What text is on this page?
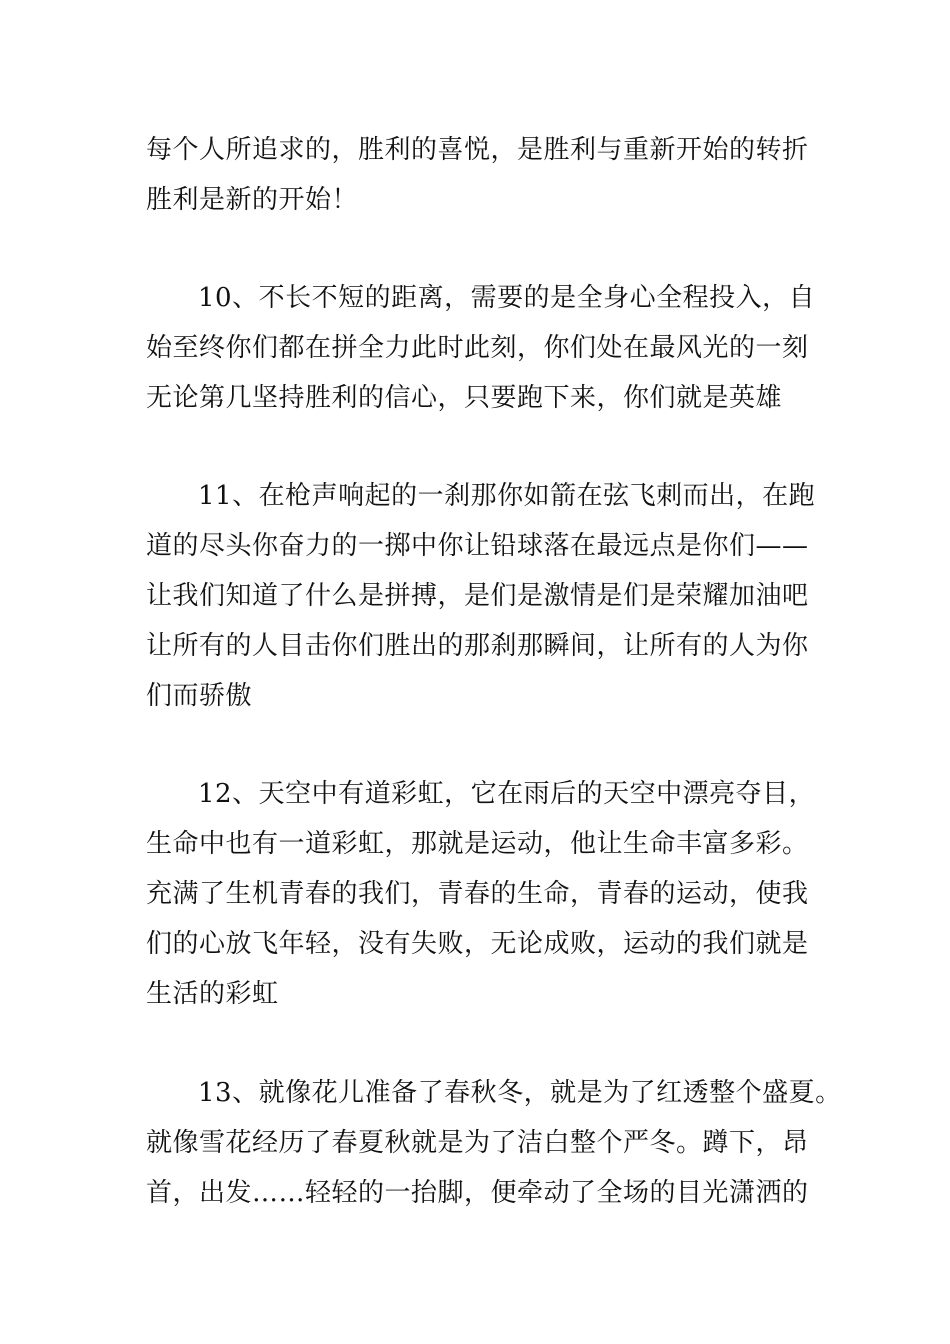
每个人所追求的，胜利的喜悦，是胜利与重新开始的转折
胜利是新的开始！
10、不长不短的距离，需要的是全身心全程投入，自
始至终你们都在拼全力此时此刻，你们处在最风光的一刻
无论第几坚持胜利的信心，只要跑下来，你们就是英雄
11、在枪声响起的一刹那你如箭在弦飞刺而出，在跑
道的尽头你奋力的一掷中你让铅球落在最远点是你们——
让我们知道了什么是拼搏，是们是激情是们是荣耀加油吧
让所有的人目击你们胜出的那刹那瞬间，让所有的人为你
们而骄傲
12、天空中有道彩虹，它在雨后的天空中漂亮夺目，
生命中也有一道彩虹，那就是运动，他让生命丰富多彩。
充满了生机青春的我们，青春的生命，青春的运动，使我
们的心放飞年轻，没有失败，无论成败，运动的我们就是
生活的彩虹
13、就像花儿准备了春秋冬，就是为了红透整个盛夏。
就像雪花经历了春夏秋就是为了洁白整个严冬。蹲下，昂
首，出发……轻轻的一抬脚，便牵动了全场的目光潇洒的
